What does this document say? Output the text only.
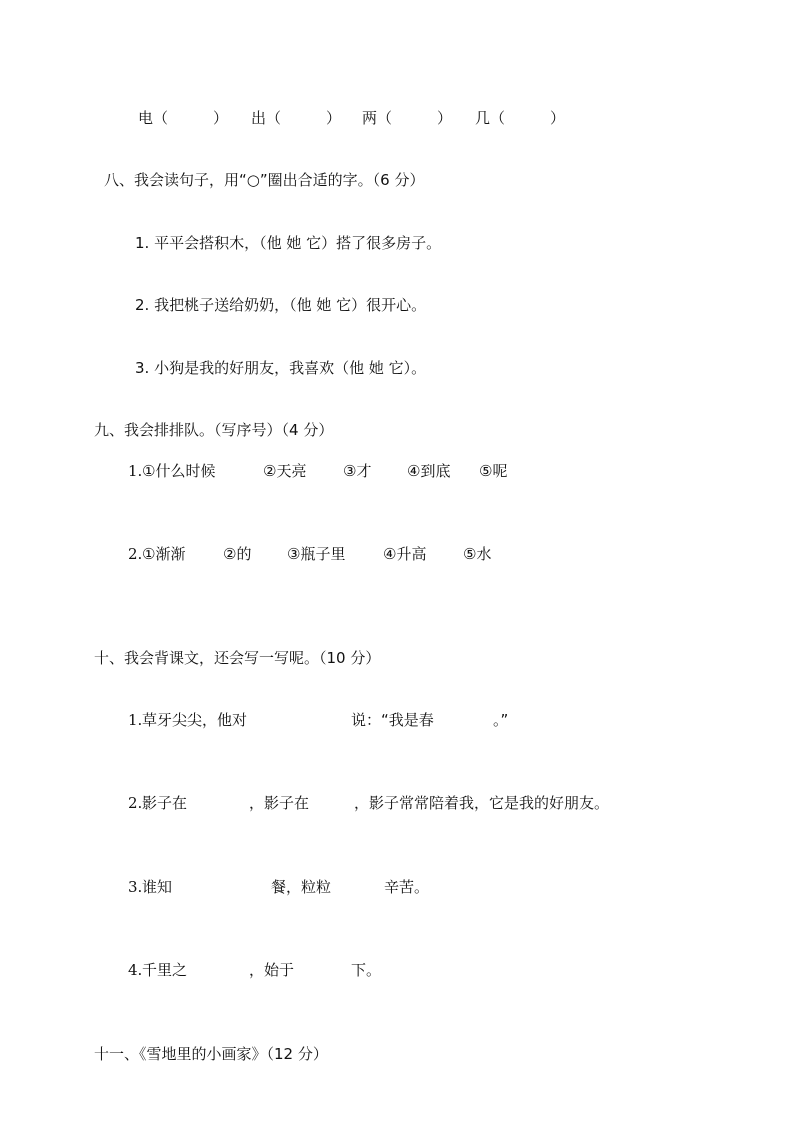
电（　　　） 出（　　　） 两（　　　） 几（　　　）
八、我会读句子，用“○”圈出合适的字。（6 分）
1. 平平会搭积木，（他 她 它）搭了很多房子。
2. 我把桃子送给奶奶，（他 她 它）很开心。
3. 小狗是我的好朋友，我喜欢（他 她 它）。
九、我会排排队。（写序号）（4 分）
1. ①什么时候	②天亮 ③才 ④到底 ⑤呢
2. ①渐渐	②的 ③瓶子里	④升高 ⑤水
十、我会背课文，还会写一写呢。（10 分）
1. 草牙尖尖，他对	说：“我是春	。”
2. 影子在	，影子在	，影子常常陪着我，它是我的好朋友。
3. 谁知	餐，粒粒	辛苦。
4. 千里之	，始于	下。
十一、《雪地里的小画家》（12 分）
